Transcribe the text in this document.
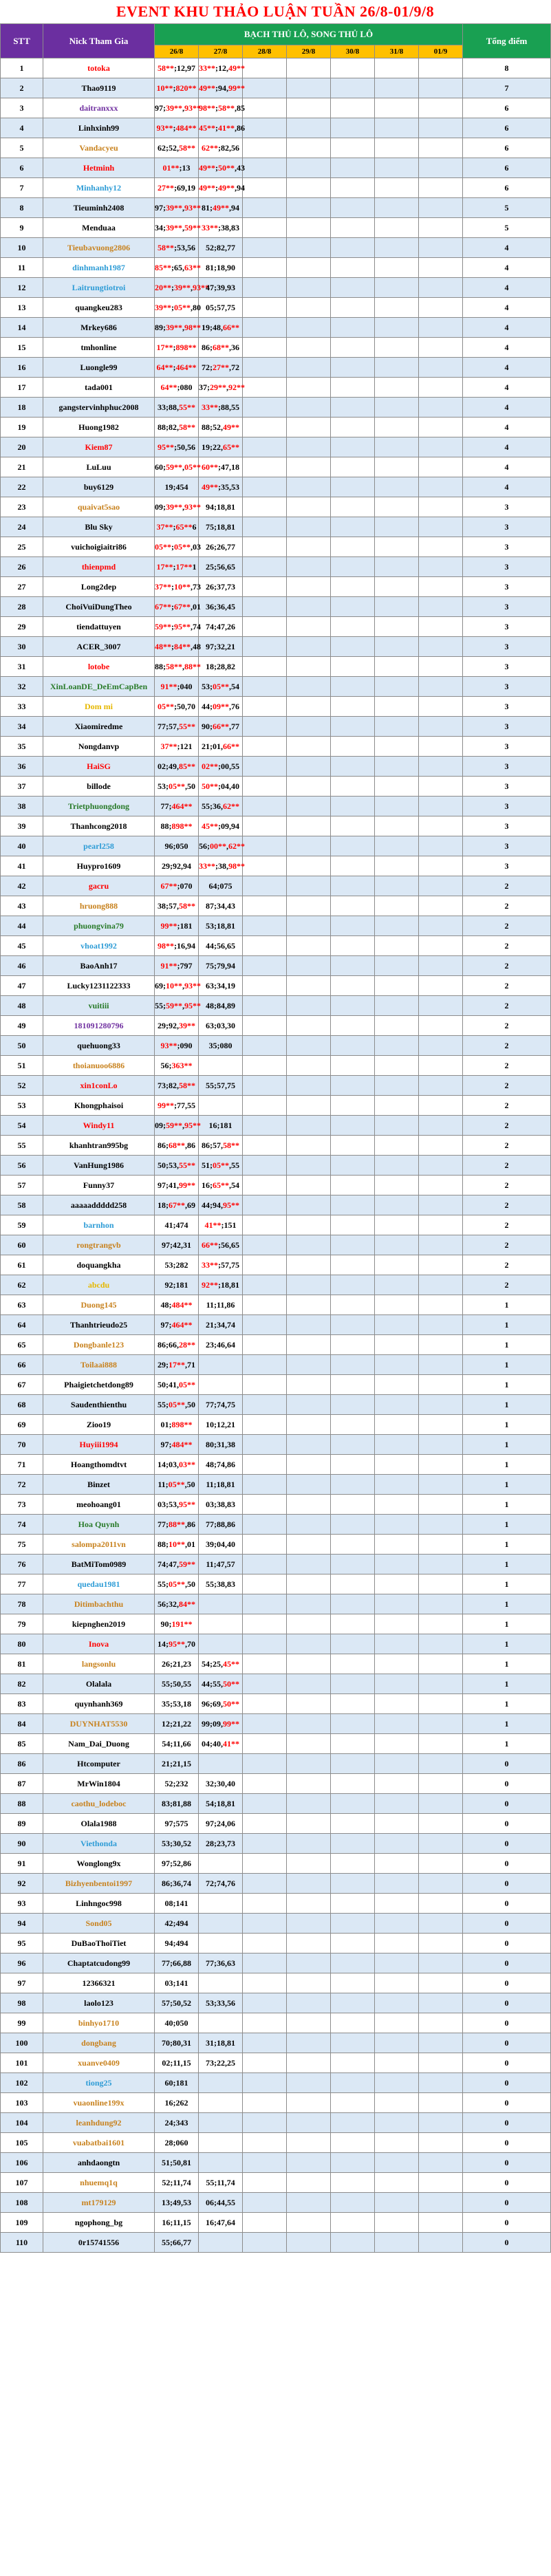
EVENT KHU THẢO LUẬN TUẦN 26/8-01/9/8
STT	Nick Tham Gia	BẠCH THỦ LÔ, SONG THỦ LÔ							Tổng điểm
		26/8	27/8	28/8	29/8	30/8	31/8	01/9	
1	totoka	58**;12,97	33**;12,49**						8
2	Thao9119	10**;820**	49**;94,99**						7
3	daitranxxx	97;39**,93**	98**;58**,85						6
4	Linhxinh99	93**;484**	45**;41**,86						6
5	Vandacyeu	62;52,58**	62**;82,56						6
6	Hetminh	01**;13	49**;50**,43						6
7	Minhanhy12	27**;69,19	49**;49**,94						6
8	Tieuminh2408	97;39**,93**	81;49**,94						5
9	Menduaa	34;39**,59**	33**;38,83						5
10	Tieubavuong2806	58**;53,56	52;82,77						4
11	dinhmanh1987	85**;65,63**	81;18,90						4
12	Laitrungtiotroi	20**;39**,93**	47;39,93						4
13	quangkeu283	39**;05**,80	05;57,75						4
14	Mrkey686	89;39**,98**	19;48,66**						4
15	tmhonline	17**;898**	86;68**,36						4
16	Luongle99	64**;464**	72;27**,72						4
17	tada001	64**;080	37;29**,92**						4
18	gangstervinhphuc2008	33;88,55**	33**;88,55						4
19	Huong1982	88;82,58**	88;52,49**						4
20	Kiem87	95**;50,56	19;22,65**						4
21	LuLuu	60;59**,05**	60**;47,18						4
22	buy6129	19;454	49**;35,53						4
23	quaivat5sao	09;39**,93**	94;18,81						3
24	Blu Sky	37**;65**6	75;18,81						3
25	vuichoigiaitri86	05**;05**,03	26;26,77						3
26	thienpmd	17**;17**1	25;56,65						3
27	Long2dep	37**;10**,73	26;37,73						3
28	ChoiVuiDungTheo	67**;67**,01	36;36,45						3
29	tiendattuyen	59**;95**,74	74;47,26						3
30	ACER_3007	48**;84**,48	97;32,21						3
31	lotobe	88;58**,88**	18;28,82						3
32	XinLoanDE_DeEmCapBen	91**;040	53;05**,54						3
33	Dom mi	05**;50,70	44;09**,76						3
34	Xiaomiredme	77;57,55**	90;66**,77						3
35	Nongdanvp	37**;121	21;01,66**						3
36	HaiSG	02;49,85**	02**;00,55						3
37	billode	53;05**,50	50**;04,40						3
38	Trietphuongdong	77;464**	55;36,62**						3
39	Thanhcong2018	88;898**	45**;09,94						3
40	pearl258	96;050	56;00**,62**						3
41	Huypro1609	29;92,94	33**;38,98**						3
42	gacru	67**;070	64;075						2
43	hruong888	38;57,58**	87;34,43						2
44	phuongvina79	99**;181	53;18,81						2
45	vhoat1992	98**;16,94	44;56,65						2
46	BaoAnh17	91**;797	75;79,94						2
47	Lucky1231122333	69;10**,93**	63;34,19						2
48	vuitiii	55;59**,95**	48;84,89						2
49	181091280796	29;92,39**	63;03,30						2
50	quehuong33	93**;090	35;080						2
51	thoianuoo6886	56;363**							2
52	xin1conLo	73;82,58**	55;57,75						2
53	Khongphaisoi	99**;77,55							2
54	Windy11	09;59**,95**	16;181						2
55	khanhtran995bg	86;68**,86	86;57,58**						2
56	VanHung1986	50;53,55**	51;05**,55						2
57	Funny37	97;41,99**	16;65**,54						2
58	aaaaaddddd258	18;67**,69	44;94,95**						2
59	barnhon	41;474	41**;151						2
60	rongtrangvb	97;42,31	66**;56,65						2
61	doquangkha	53;282	33**;57,75						2
62	abcdu	92;181	92**;18,81						2
63	Duong145	48;484**	11;11,86						1
64	Thanhtrieudo25	97;464**	21;34,74						1
65	Dongbanle123	86;66,28**	23;46,64						1
66	Toilaai888	29;17**,71							1
67	Phaigietchetdong89	50;41,05**							1
68	Saudenthienthu	55;05**,50	77;74,75						1
69	Zioo19	01;898**	10;12,21						1
70	Huyiii1994	97;484**	80;31,38						1
71	Hoangthomdtvt	14;03,03**	48;74,86						1
72	Binzet	11;05**,50	11;18,81						1
73	meohoang01	03;53,95**	03;38,83						1
74	Hoa Quynh	77;88**,86	77;88,86						1
75	salompa2011vn	88;10**,01	39;04,40						1
76	BatMiTom0989	74;47,59**	11;47,57						1
77	quedau1981	55;05**,50	55;38,83						1
78	Ditimbachthu	56;32,84**							1
79	kiepnghen2019	90;191**							1
80	Inova	14;95**,70							1
81	langsonlu	26;21,23	54;25,45**						1
82	Olalala	55;50,55	44;55,50**						1
83	quynhanh369	35;53,18	96;69,50**						1
84	DUYNHAT5530	12;21,22	99;09,99**						1
85	Nam_Dai_Duong	54;11,66	04;40,41**						1
86	Htcomputer	21;21,15							0
87	MrWin1804	52;232	32;30,40						0
88	caothu_lodeboc	83;81,88	54;18,81						0
89	Olala1988	97;575	97;24,06						0
90	Viethonda	53;30,52	28;23,73						0
91	Wonglong9x	97;52,86							0
92	Bizhyenbentoi1997	86;36,74	72;74,76						0
93	Linhngoc998	08;141							0
94	Sond05	42;494							0
95	DuBaoThoiTiet	94;494							0
96	Chaptatcudong99	77;66,88	77;36,63						0
97	12366321	03;141							0
98	laolo123	57;50,52	53;33,56						0
99	binhyo1710	40;050							0
100	dongbang	70;80,31	31;18,81						0
101	xuanve0409	02;11,15	73;22,25						0
102	tiong25	60;181							0
103	vuaonline199x	16;262							0
104	leanhdung92	24;343							0
105	vuabatbai1601	28;060							0
106	anhdaongtn	51;50,81							0
107	nhuemq1q	52;11,74	55;11,74						0
108	mt179129	13;49,53	06;44,55						0
109	ngophong_bg	16;11,15	16;47,64						0
110	0r15741556	55;66,77							0
